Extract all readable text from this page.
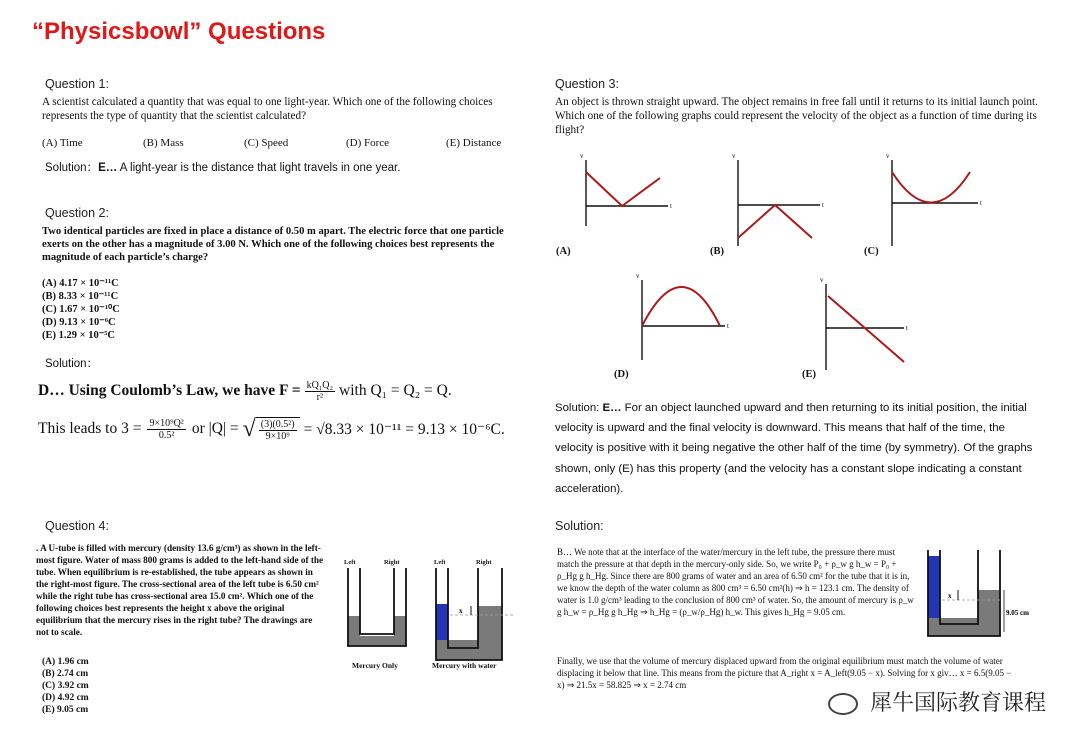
“Physicsbowl” Questions
Question 1:
A scientist calculated a quantity that was equal to one light-year. Which one of the following choices represents the type of quantity that the scientist calculated?
(A) Time	(B) Mass	(C) Speed	(D) Force	(E) Distance
Solution：E… A light-year is the distance that light travels in one year.
Question 2:
Two identical particles are fixed in place a distance of 0.50 m apart. The electric force that one particle exerts on the other has a magnitude of 3.00 N. Which one of the following choices best represents the magnitude of each particle’s charge?
(A) 4.17 × 10⁻¹¹C
(B) 8.33 × 10⁻¹¹C
(C) 1.67 × 10⁻¹⁰C
(D) 9.13 × 10⁻⁶C
(E) 1.29 × 10⁻⁵C
Solution：
D… Using Coulomb’s Law, we have $F = \frac{\text{kQ₁Q₂}}{\text{r²}}$ with Q₁ = Q₂ = Q.
This leads to $3 = \frac{\text{9×10⁹Q²}}{\text{0.5²}}$ or |Q| = √ $\frac{\text{(3)(0.5²)}}{\text{9×10⁹}} = √8.33 \times 10^{-11} = 9.13 \times 10^{-6}C$.
Question 3:
An object is thrown straight upward. The object remains in free fall until it returns to its initial launch point. Which one of the following graphs could represent the velocity of the object as a function of time during its flight?
v
t
v
t
v
t
v
t
v
t
(A)	(B)	(C)
(D)	(E)
Solution: E… For an object launched upward and then returning to its initial position, the initial velocity is upward and the final velocity is downward. This means that half of the time, the velocity is positive with it being negative the other half of the time (by symmetry). Of the graphs shown, only (E) has this property (and the velocity has a constant slope indicating a constant acceleration).
Question 4:
. A U-tube is filled with mercury (density 13.6 g/cm³) as shown in the left-most figure. Water of mass 800 grams is added to the left-hand side of the tube. When equilibrium is re-established, the tube appears as shown in the right-most figure. The cross-sectional area of the left tube is 6.50 cm² while the right tube has cross-sectional area 15.0 cm². Which one of the following choices best represents the height x above the original equilibrium that the mercury rises in the right tube? The drawings are not to scale.
(A) 1.96 cm
(B) 2.74 cm
(C) 3.92 cm
(D) 4.92 cm
(E) 9.05 cm
x
Left	Right	Left	Right
Mercury Only	Mercury with water
Solution:
B… We note that at the interface of the water/mercury in the left tube, the pressure there must match the pressure at that depth in the mercury-only side. So, we write P₀ + ρ_w g h_w = P₀ + ρ_Hg g h_Hg. Since there are 800 grams of water and an area of 6.50 cm² for the tube that it is in, we know the depth of the water column as 800 cm³ = 6.50 cm²(h) ⇒ h = 123.1 cm. The density of water is 1.0 g/cm³ leading to the conclusion of 800 cm³ of water. So, the amount of mercury is ρ_w g h_w = ρ_Hg g h_Hg ⇒ h_Hg = (ρ_w/ρ_Hg) h_w. This gives h_Hg = 9.05 cm.
Finally, we use that the volume of mercury displaced upward from the original equilibrium must match the volume of water displacing it below that line. This means from the picture that A_right x = A_left(9.05 − x). Solving for x giv… x = 6.5(9.05 − x) ⇒ 21.5x = 58.825 ⇒ x = 2.74 cm
x
9.05 cm
犀牛国际教育课程
